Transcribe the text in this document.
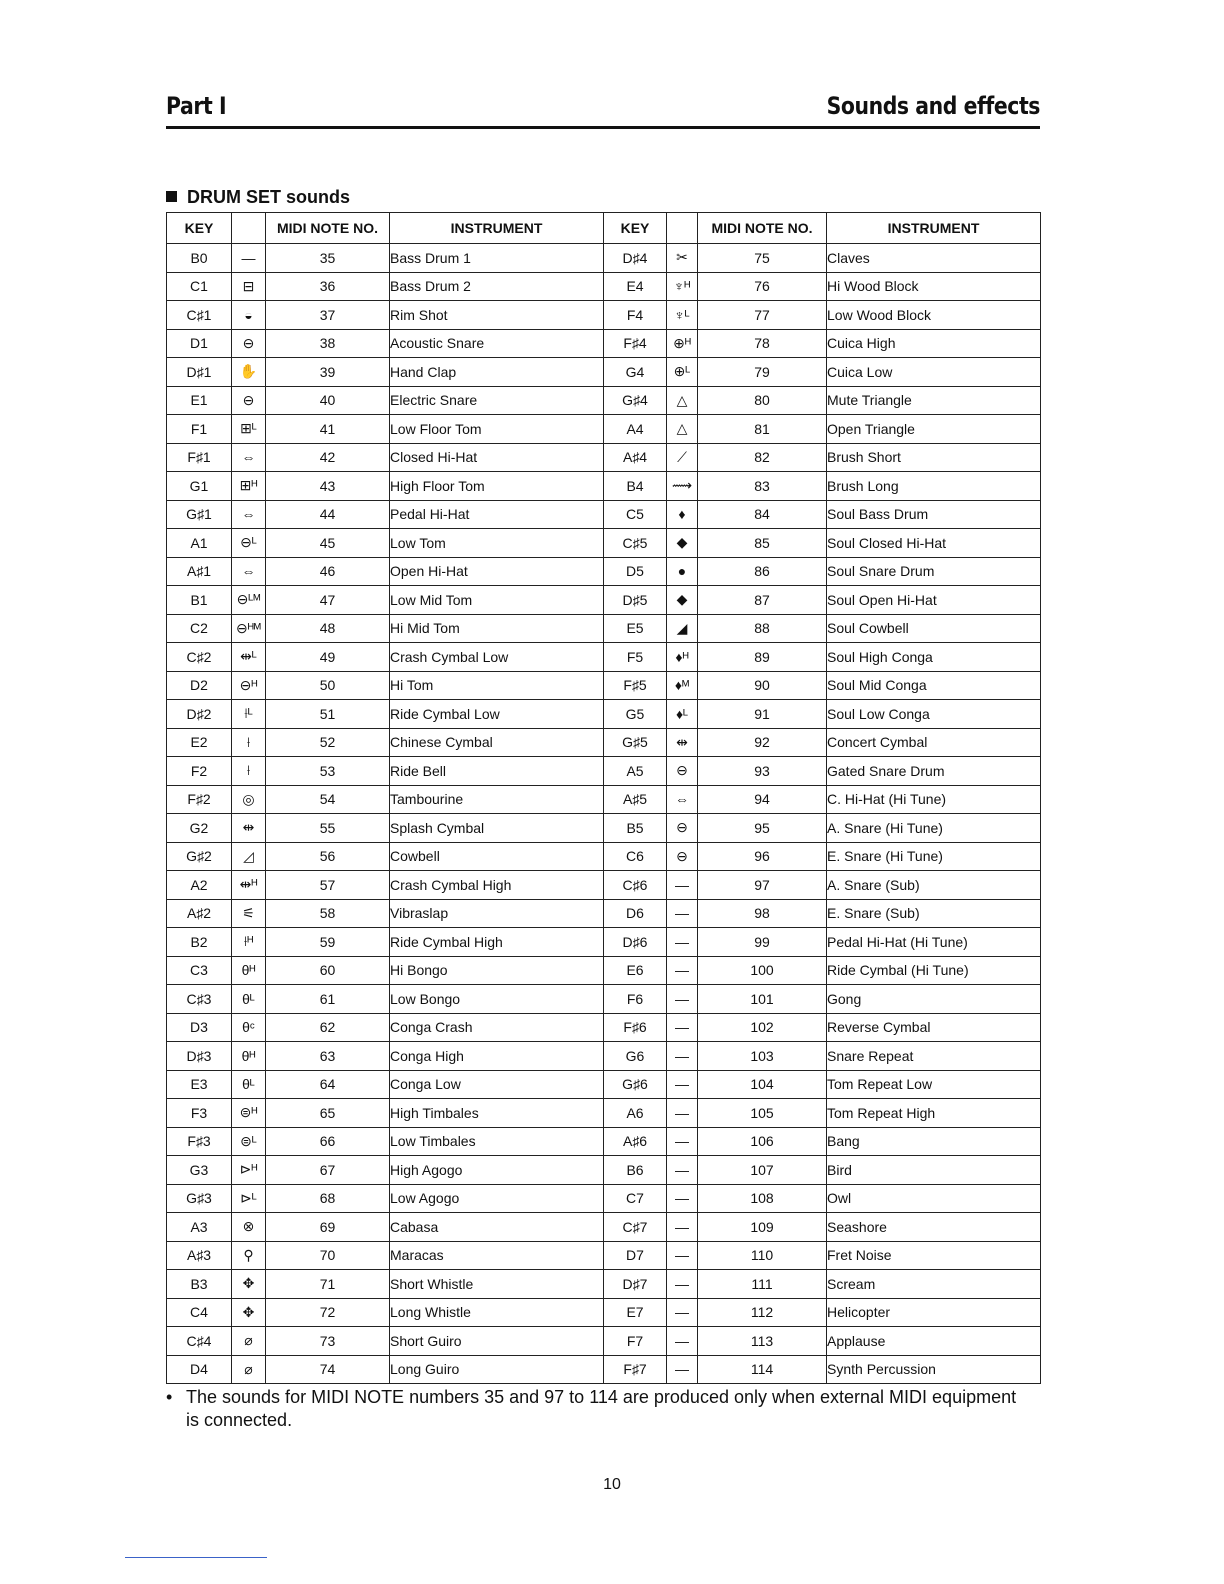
Part I	Sounds and effects
DRUM SET sounds
KEY		MIDI NOTE NO.	INSTRUMENT	KEY		MIDI NOTE NO.	INSTRUMENT
B0	—	35	Bass Drum 1	D♯4	✂	75	Claves
C1	⊟	36	Bass Drum 2	E4	♆ᴴ	76	Hi Wood Block
C♯1	◒	37	Rim Shot	F4	♆ᴸ	77	Low Wood Block
D1	⊖	38	Acoustic Snare	F♯4	⊕ᴴ	78	Cuica High
D♯1	✋	39	Hand Clap	G4	⊕ᴸ	79	Cuica Low
E1	⊖	40	Electric Snare	G♯4	△	80	Mute Triangle
F1	⊞ᴸ	41	Low Floor Tom	A4	△	81	Open Triangle
F♯1	⇔	42	Closed Hi-Hat	A♯4	⟋	82	Brush Short
G1	⊞ᴴ	43	High Floor Tom	B4	⟿	83	Brush Long
G♯1	⇔	44	Pedal Hi-Hat	C5	♦	84	Soul Bass Drum
A1	⊖ᴸ	45	Low Tom	C♯5	◆	85	Soul Closed Hi-Hat
A♯1	⇔	46	Open Hi-Hat	D5	●	86	Soul Snare Drum
B1	⊖ᴸᴹ	47	Low Mid Tom	D♯5	◆	87	Soul Open Hi-Hat
C2	⊖ᴴᴹ	48	Hi Mid Tom	E5	◢	88	Soul Cowbell
C♯2	⇹ᴸ	49	Crash Cymbal Low	F5	♦ᴴ	89	Soul High Conga
D2	⊖ᴴ	50	Hi Tom	F♯5	♦ᴹ	90	Soul Mid Conga
D♯2	⟊ᴸ	51	Ride Cymbal Low	G5	♦ᴸ	91	Soul Low Conga
E2	⟊	52	Chinese Cymbal	G♯5	⇹	92	Concert Cymbal
F2	⟊	53	Ride Bell	A5	⊖	93	Gated Snare Drum
F♯2	◎	54	Tambourine	A♯5	⇔	94	C. Hi-Hat (Hi Tune)
G2	⇹	55	Splash Cymbal	B5	⊖	95	A. Snare (Hi Tune)
G♯2	◿	56	Cowbell	C6	⊖	96	E. Snare (Hi Tune)
A2	⇹ᴴ	57	Crash Cymbal High	C♯6	—	97	A. Snare (Sub)
A♯2	⚟	58	Vibraslap	D6	—	98	E. Snare (Sub)
B2	⟊ᴴ	59	Ride Cymbal High	D♯6	—	99	Pedal Hi-Hat (Hi Tune)
C3	θᴴ	60	Hi Bongo	E6	—	100	Ride Cymbal (Hi Tune)
C♯3	θᴸ	61	Low Bongo	F6	—	101	Gong
D3	θᶜ	62	Conga Crash	F♯6	—	102	Reverse Cymbal
D♯3	θᴴ	63	Conga High	G6	—	103	Snare Repeat
E3	θᴸ	64	Conga Low	G♯6	—	104	Tom Repeat Low
F3	⊜ᴴ	65	High Timbales	A6	—	105	Tom Repeat High
F♯3	⊜ᴸ	66	Low Timbales	A♯6	—	106	Bang
G3	⊳ᴴ	67	High Agogo	B6	—	107	Bird
G♯3	⊳ᴸ	68	Low Agogo	C7	—	108	Owl
A3	⊗	69	Cabasa	C♯7	—	109	Seashore
A♯3	⚲	70	Maracas	D7	—	110	Fret Noise
B3	✥	71	Short Whistle	D♯7	—	111	Scream
C4	✥	72	Long Whistle	E7	—	112	Helicopter
C♯4	⌀	73	Short Guiro	F7	—	113	Applause
D4	⌀	74	Long Guiro	F♯7	—	114	Synth Percussion
• The sounds for MIDI NOTE numbers 35 and 97 to 114 are produced only when external MIDI equipment
is connected.
10
